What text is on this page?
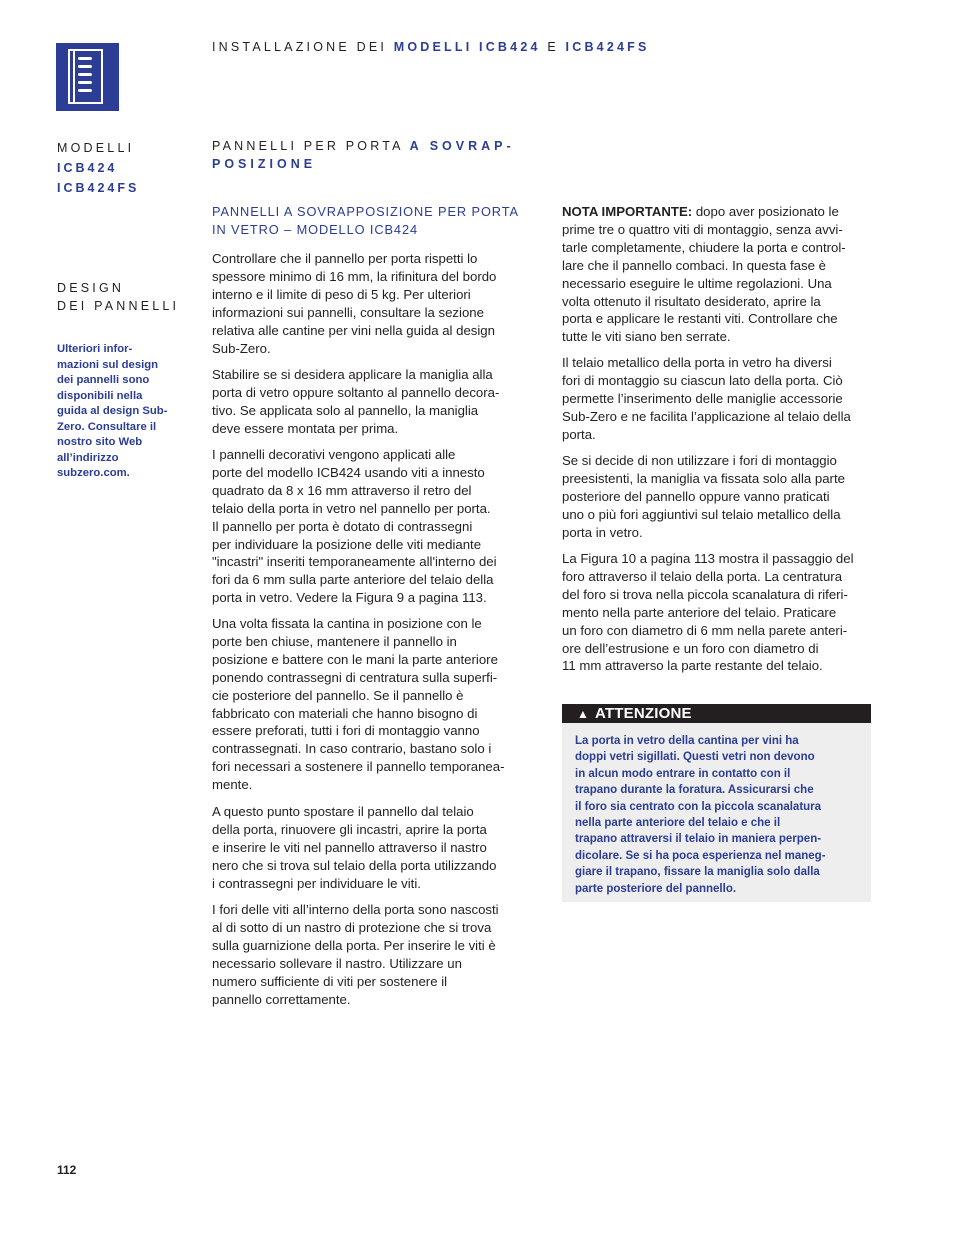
INSTALLAZIONE DEI MODELLI ICB424 E ICB424FS
MODELLI
ICB424
ICB424FS
DESIGN
DEI PANNELLI

Ulteriori infor-

mazioni sul design

dei pannelli sono

disponibili nella

guida al design Sub-

Zero. Consultare il

nostro sito Web

all’indirizzo

subzero.com.

PANNELLI PER PORTA A SOVRAP-
POSIZIONE

PANNELLI A SOVRAPPOSIZIONE PER PORTA

IN VETRO – MODELLO ICB424

Controllare che il pannello per porta rispetti lo

spessore minimo di 16 mm, la rifinitura del bordo

interno e il limite di peso di 5 kg. Per ulteriori

informazioni sui pannelli, consultare la sezione

relativa alle cantine per vini nella guida al design

Sub-Zero.

Stabilire se si desidera applicare la maniglia alla

porta di vetro oppure soltanto al pannello decora-

tivo. Se applicata solo al pannello, la maniglia

deve essere montata per prima.

I pannelli decorativi vengono applicati alle

porte del modello ICB424 usando viti a innesto

quadrato da 8 x 16 mm attraverso il retro del

telaio della porta in vetro nel pannello per porta.

Il pannello per porta è dotato di contrassegni

per individuare la posizione delle viti mediante

"incastri" inseriti temporaneamente all'interno dei

fori da 6 mm sulla parte anteriore del telaio della

porta in vetro. Vedere la Figura 9 a pagina 113.

Una volta fissata la cantina in posizione con le

porte ben chiuse, mantenere il pannello in

posizione e battere con le mani la parte anteriore

ponendo contrassegni di centratura sulla superfi-

cie posteriore del pannello. Se il pannello è

fabbricato con materiali che hanno bisogno di

essere preforati, tutti i fori di montaggio vanno

contrassegnati. In caso contrario, bastano solo i

fori necessari a sostenere il pannello temporanea-

mente.

A questo punto spostare il pannello dal telaio

della porta, rinuovere gli incastri, aprire la porta

e inserire le viti nel pannello attraverso il nastro

nero che si trova sul telaio della porta utilizzando

i contrassegni per individuare le viti.

I fori delle viti all’interno della porta sono nascosti

al di sotto di un nastro di protezione che si trova

sulla guarnizione della porta. Per inserire le viti è

necessario sollevare il nastro. Utilizzare un

numero sufficiente di viti per sostenere il

pannello correttamente.

NOTA IMPORTANTE: dopo aver posizionato le

prime tre o quattro viti di montaggio, senza avvi-

tarle completamente, chiudere la porta e control-

lare che il pannello combaci. In questa fase è

necessario eseguire le ultime regolazioni. Una

volta ottenuto il risultato desiderato, aprire la

porta e applicare le restanti viti. Controllare che

tutte le viti siano ben serrate.

Il telaio metallico della porta in vetro ha diversi

fori di montaggio su ciascun lato della porta. Ciò

permette l’inserimento delle maniglie accessorie

Sub-Zero e ne facilita l’applicazione al telaio della

porta.

Se si decide di non utilizzare i fori di montaggio

preesistenti, la maniglia va fissata solo alla parte

posteriore del pannello oppure vanno praticati

uno o più fori aggiuntivi sul telaio metallico della

porta in vetro.

La Figura 10 a pagina 113 mostra il passaggio del

foro attraverso il telaio della porta. La centratura

del foro si trova nella piccola scanalatura di riferi-

mento nella parte anteriore del telaio. Praticare

un foro con diametro di 6 mm nella parete anteri-

ore dell’estrusione e un foro con diametro di

11 mm attraverso la parte restante del telaio.

▲ ATTENZIONE

La porta in vetro della cantina per vini ha

doppi vetri sigillati. Questi vetri non devono

in alcun modo entrare in contatto con il

trapano durante la foratura. Assicurarsi che

il foro sia centrato con la piccola scanalatura

nella parte anteriore del telaio e che il

trapano attraversi il telaio in maniera perpen-

dicolare. Se si ha poca esperienza nel maneg-

giare il trapano, fissare la maniglia solo dalla

parte posteriore del pannello.

112
